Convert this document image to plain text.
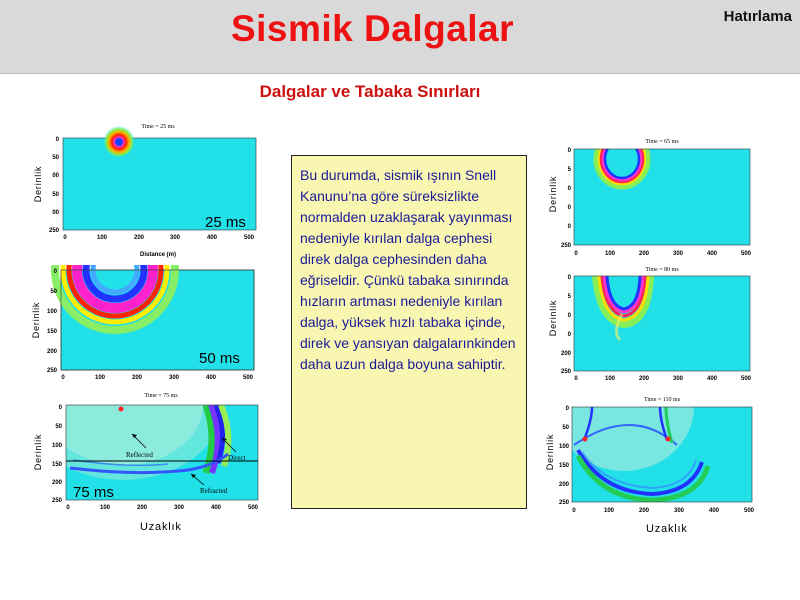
Sismik Dalgalar	Hatırlama
Dalgalar ve Tabaka Sınırları
Time = 25 ms
25 ms
0
50
00
50
00
250
0	100	200	300	400	500
Distance (m)
Derinlik
50 ms
0
50
100
150
200
250
0	100	200	300	400	500
Derinlik
Time = 75 ms
Reflected	Direct
Refracted
75 ms
0
50
100
150
200
250
0	100	200	300	400	500
Derinlik
Uzaklık

Bu durumda, sismik ışının Snell Kanunu’na göre süreksizlikte normalden uzaklaşarak yayınması nedeniyle kırılan dalga cephesi direk dalga cephesinden daha eğriseldir. Çünkü tabaka sınırında hızların artması nedeniyle kırılan dalga, yüksek hızlı tabaka içinde, direk ve yansıyan dalgalarınkinden daha uzun dalga boyuna sahiptir.

Time = 65 ms
0
5
0
0
0
250
0	100	200	300	400	500
Derinlik
Time = 80 ms
0
5
0
0
200
250
0	100	200	300	400	500
Derinlik
Time = 110 ms
0
50
100
150
200
250
0	100	200	300	400	500
Derinlik
Uzaklık
